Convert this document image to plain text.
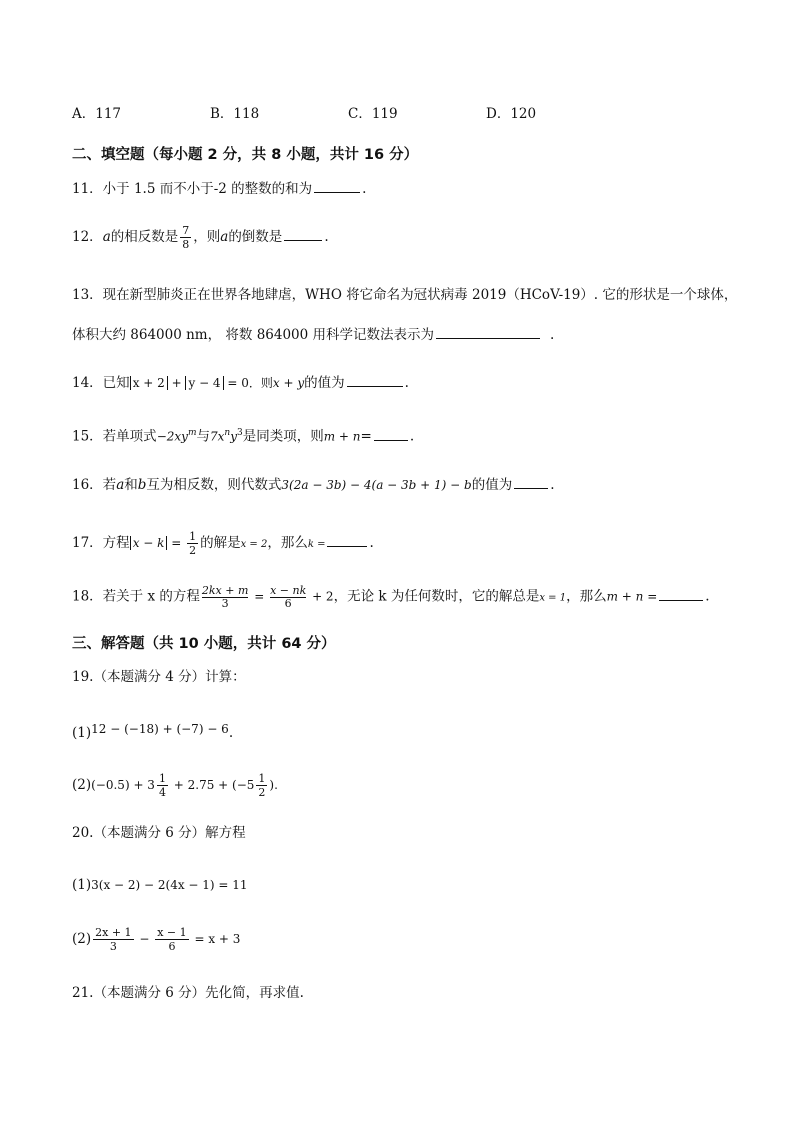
A．117	B．118	C．119	D．120
二、填空题（每小题 2 分，共 8 小题，共计 16 分）
11．小于 1.5 而不小于-2 的整数的和为	.
12．a的相反数是 $\frac{7}{8}$ ，则a的倒数是	.
13．现在新型肺炎正在世界各地肆虐，WHO 将它命名为冠状病毒 2019（HCoV-19）. 它的形状是一个球体，
体积大约 864000 nm， 将数 864000 用科学记数法表示为	.
14．已知 x + 2 + y − 4 = 0．则x + y的值为	.
15．若单项式$-2xy^m$与$7x^ny^3$是同类项，则m + n=	.
16．若a和b互为相反数，则代数式3(2a − 3b) − 4(a − 3b + 1) − b的值为	.
17．方程 $x - k = \frac{1}{2}$ 的解是x = 2，那么k =	.
18．若关于 x 的方程 $\frac{2kx + m}{3} = \frac{x - nk}{6} + 2$，无论 k 为任何数时，它的解总是x = 1，那么m + n =	.
三、解答题（共 10 小题，共计 64 分）
19.（本题满分 4 分）计算：
(1)12 − (−18) + (−7) − 6.
$(2)(-0.5) + 3 \frac{1}{4} + 2.75 + (-5 \frac{1}{2}$ ).
20.（本题满分 6 分）解方程
(1)3(x − 2) − 2(4x − 1) = 11
$(2) \frac{2x + 1}{3} - \frac{x - 1}{6} = x + 3$
21.（本题满分 6 分）先化简，再求值.
